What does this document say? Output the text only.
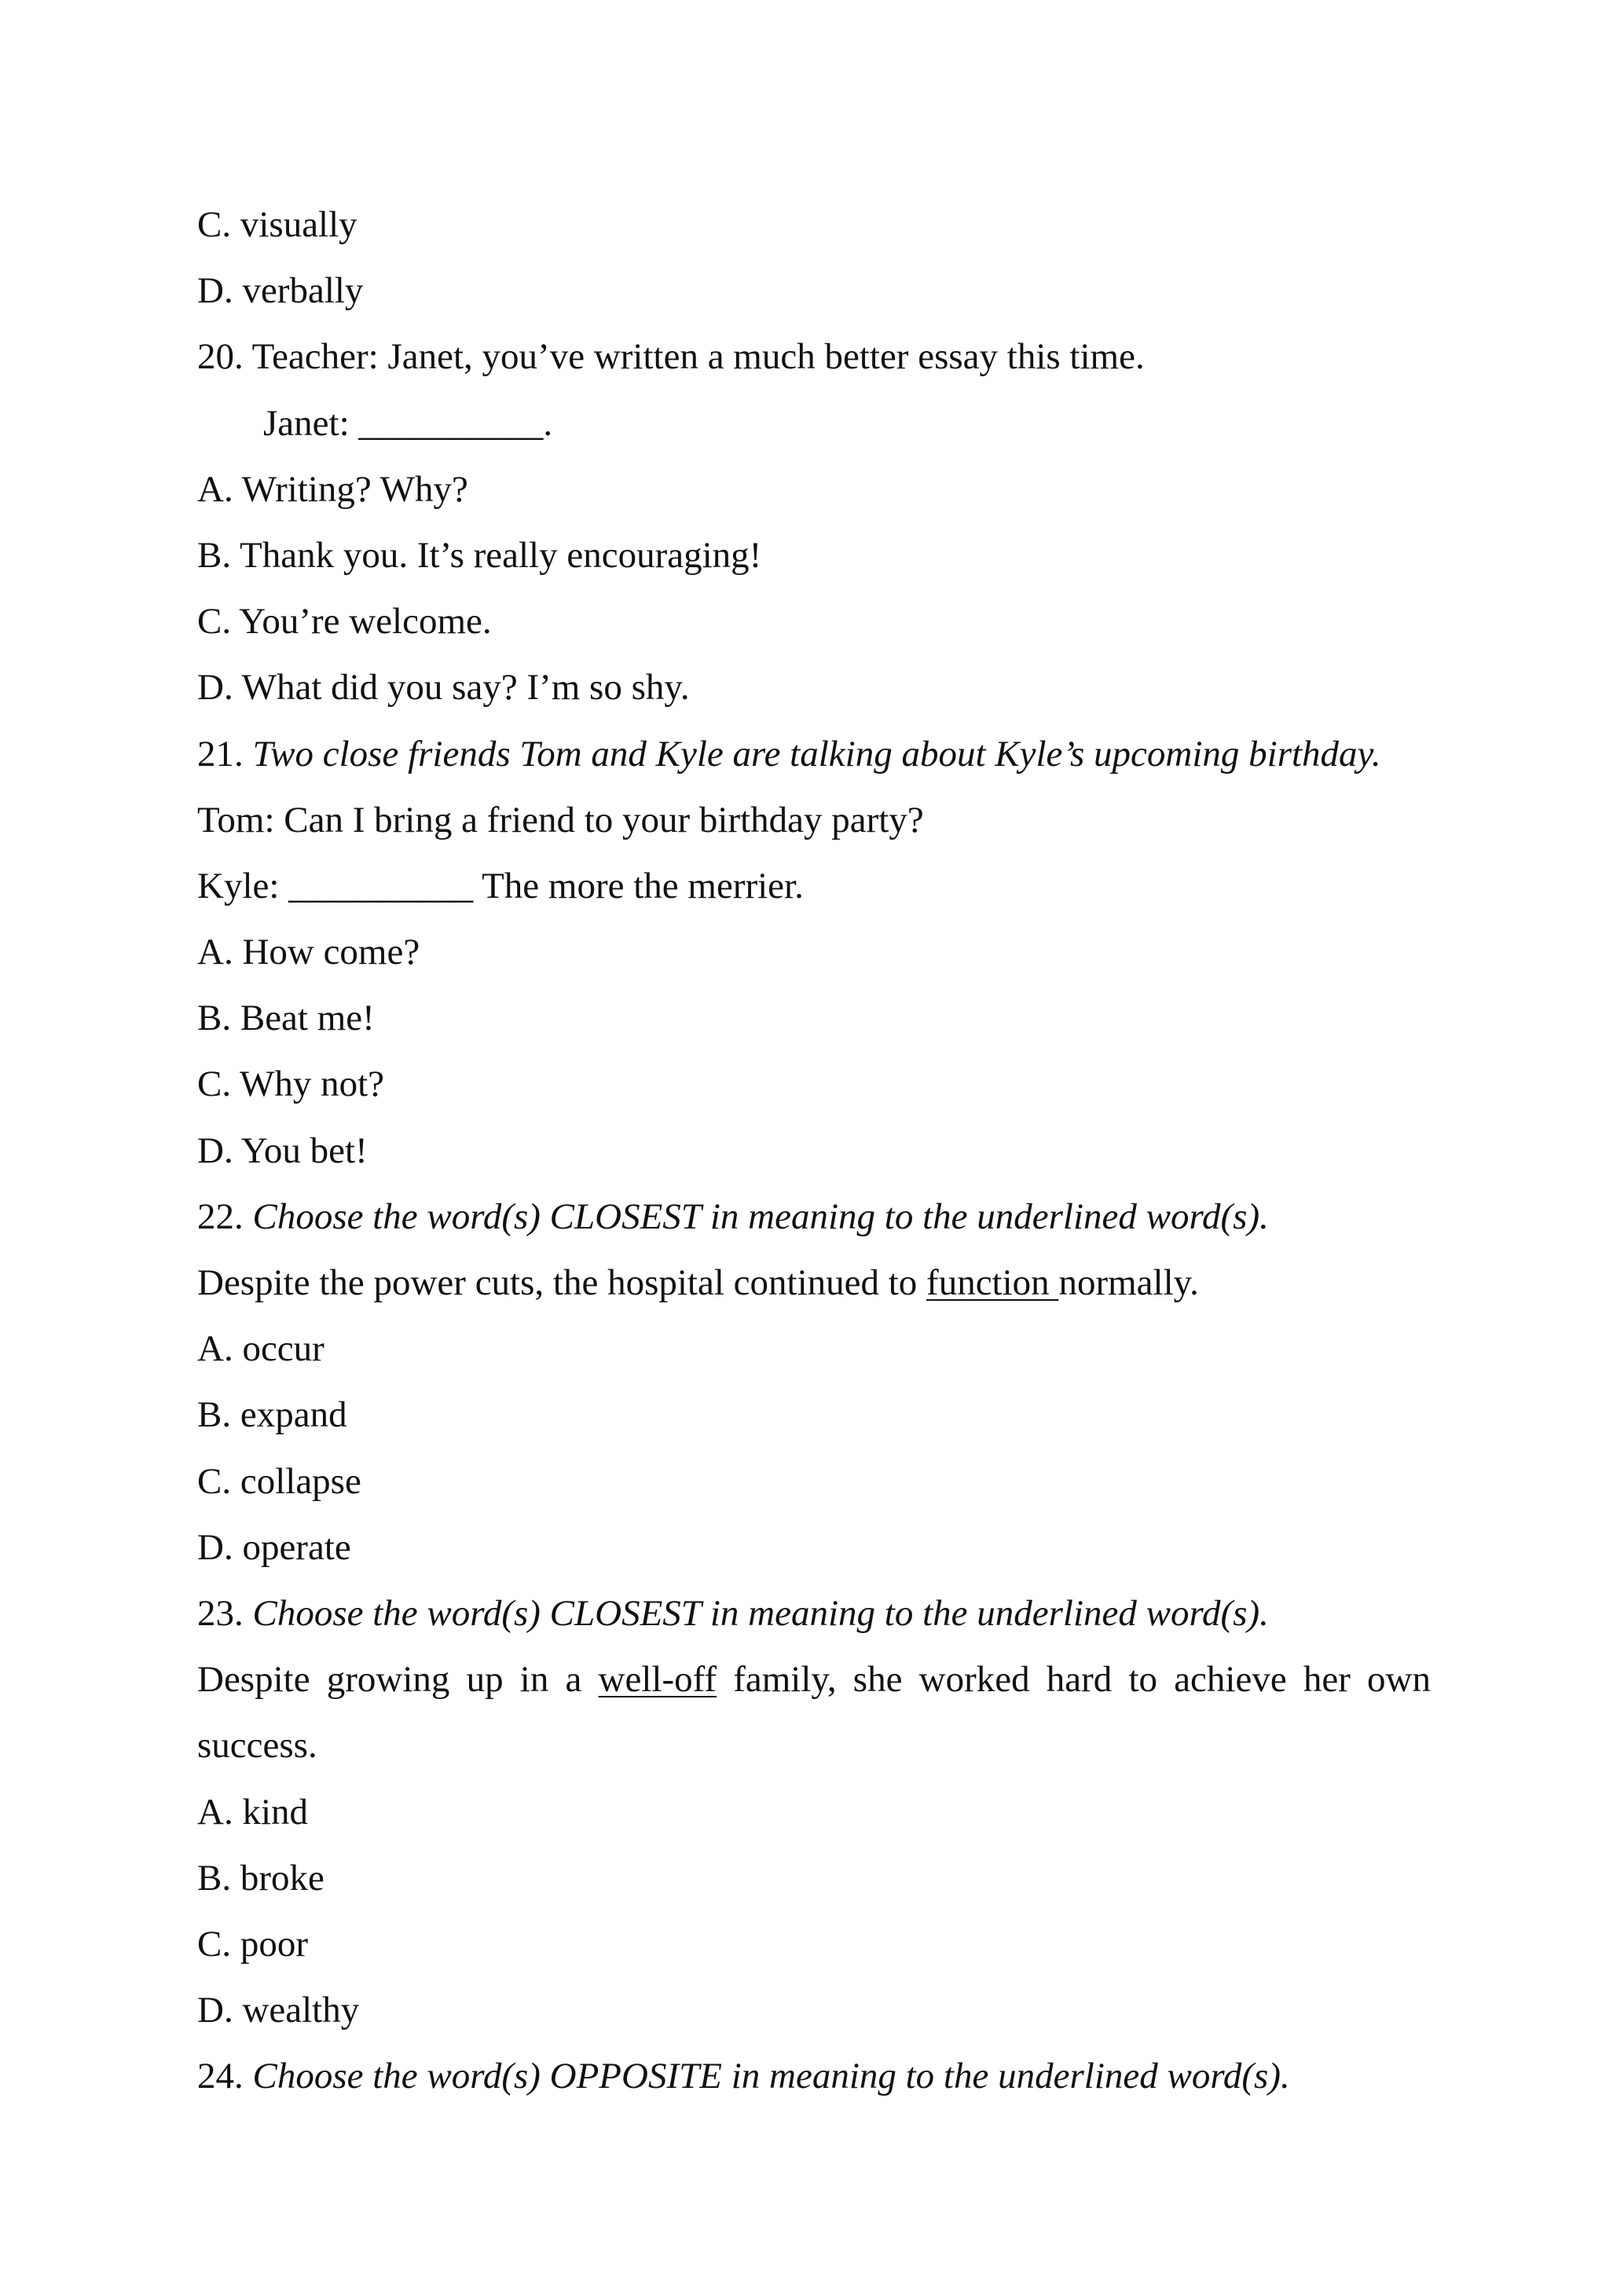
C. visually
D. verbally
20. Teacher: Janet, you’ve written a much better essay this time.
Janet: __________.
A. Writing? Why?
B. Thank you. It’s really encouraging!
C. You’re welcome.
D. What did you say? I’m so shy.
21. Two close friends Tom and Kyle are talking about Kyle’s upcoming birthday.
Tom: Can I bring a friend to your birthday party?
Kyle: __________ The more the merrier.
A. How come?
B. Beat me!
C. Why not?
D. You bet!
22. Choose the word(s) CLOSEST in meaning to the underlined word(s).
Despite the power cuts, the hospital continued to function normally.
A. occur
B. expand
C. collapse
D. operate
23. Choose the word(s) CLOSEST in meaning to the underlined word(s).
Despite growing up in a well-off family, she worked hard to achieve her own
success.
A. kind
B. broke
C. poor
D. wealthy
24. Choose the word(s) OPPOSITE in meaning to the underlined word(s).
